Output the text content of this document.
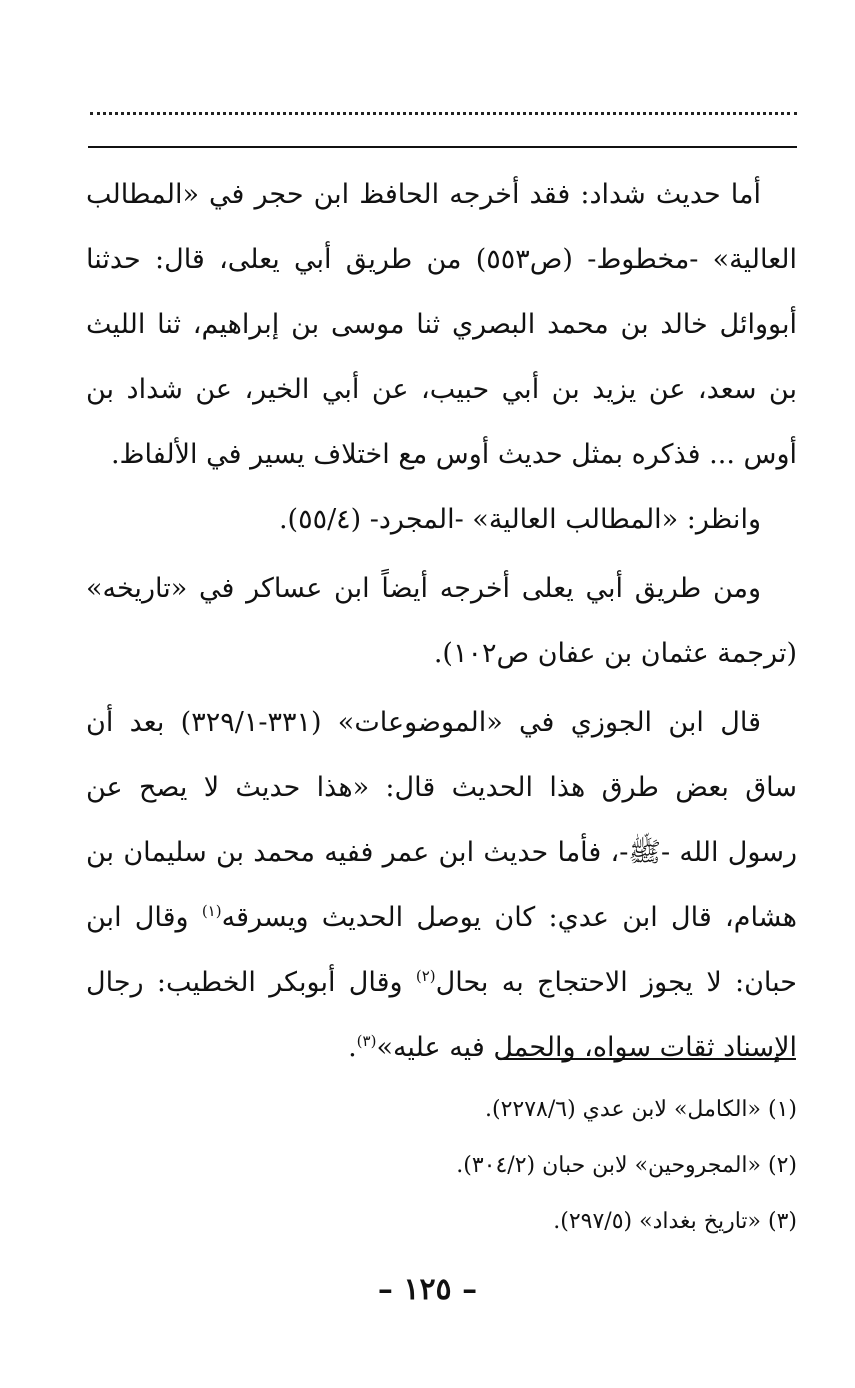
أما حديث شداد: فقد أخرجه الحافظ ابن حجر في «المطالب العالية» -مخطوط- (ص٥٥٣) من طريق أبي يعلى، قال: حدثنا أبووائل خالد بن محمد البصري ثنا موسى بن إبراهيم، ثنا الليث بن سعد، عن يزيد بن أبي حبيب، عن أبي الخير، عن شداد بن أوس ... فذكره بمثل حديث أوس مع اختلاف يسير في الألفاظ.

وانظر: «المطالب العالية» -المجرد- (٥٥/٤).

ومن طريق أبي يعلى أخرجه أيضاً ابن عساكر في «تاريخه» (ترجمة عثمان بن عفان ص١٠٢).

قال ابن الجوزي في «الموضوعات» (٣٣١-٣٢٩/١) بعد أن ساق بعض طرق هذا الحديث قال: «هذا حديث لا يصح عن رسول الله -ﷺ-، فأما حديث ابن عمر ففيه محمد بن سليمان بن هشام، قال ابن عدي: كان يوصل الحديث ويسرقه$^{(١)}$ وقال ابن حبان: لا يجوز الاحتجاج به بحال$^{(٢)}$ وقال أبوبكر الخطيب: رجال الإسناد ثقات سواه، والحمل فيه عليه»$^{(٣)}$.

(١) «الكامل» لابن عدي (٢٢٧٨/٦).

(٢) «المجروحين» لابن حبان (٣٠٤/٢).

(٣) «تاريخ بغداد» (٢٩٧/٥).

– ١٢٥ –
